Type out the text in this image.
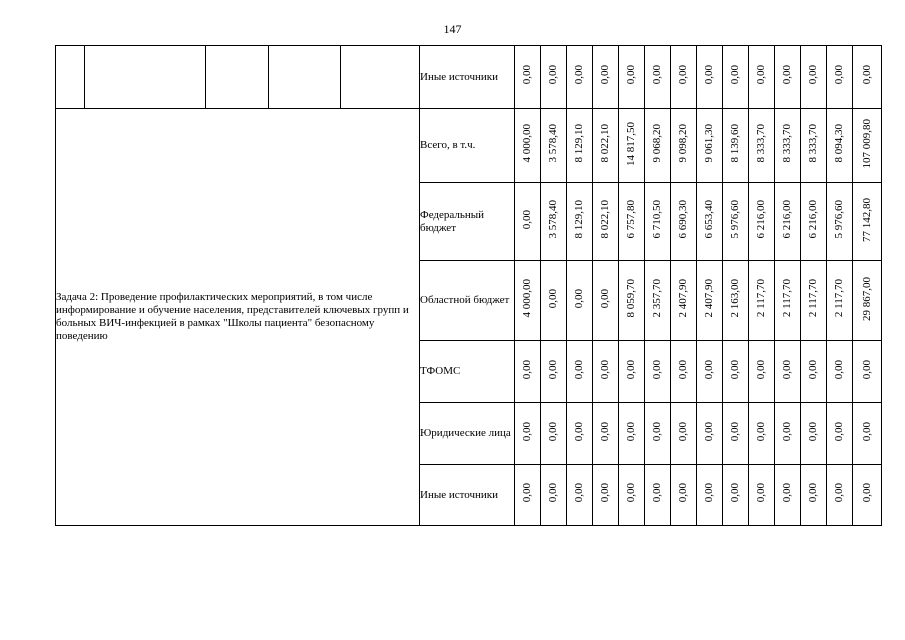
147
					Иные источники	0,00	0,00	0,00	0,00	0,00	0,00	0,00	0,00	0,00	0,00	0,00	0,00	0,00	0,00
Задача 2: Проведение профилактических мероприятий, в том числе информирование и обучение населения, представителей ключевых групп и больных ВИЧ-инфекцией в рамках "Школы пациента" безопасному поведению					Всего, в т.ч.	4 000,00	3 578,40	8 129,10	8 022,10	14 817,50	9 068,20	9 098,20	9 061,30	8 139,60	8 333,70	8 333,70	8 333,70	8 094,30	107 009,80
					Федеральный бюджет	0,00	3 578,40	8 129,10	8 022,10	6 757,80	6 710,50	6 690,30	6 653,40	5 976,60	6 216,00	6 216,00	6 216,00	5 976,60	77 142,80
					Областной бюджет	4 000,00	0,00	0,00	0,00	8 059,70	2 357,70	2 407,90	2 407,90	2 163,00	2 117,70	2 117,70	2 117,70	2 117,70	29 867,00
					ТФОМС	0,00	0,00	0,00	0,00	0,00	0,00	0,00	0,00	0,00	0,00	0,00	0,00	0,00	0,00
					Юридические лица	0,00	0,00	0,00	0,00	0,00	0,00	0,00	0,00	0,00	0,00	0,00	0,00	0,00	0,00
					Иные источники	0,00	0,00	0,00	0,00	0,00	0,00	0,00	0,00	0,00	0,00	0,00	0,00	0,00	0,00
